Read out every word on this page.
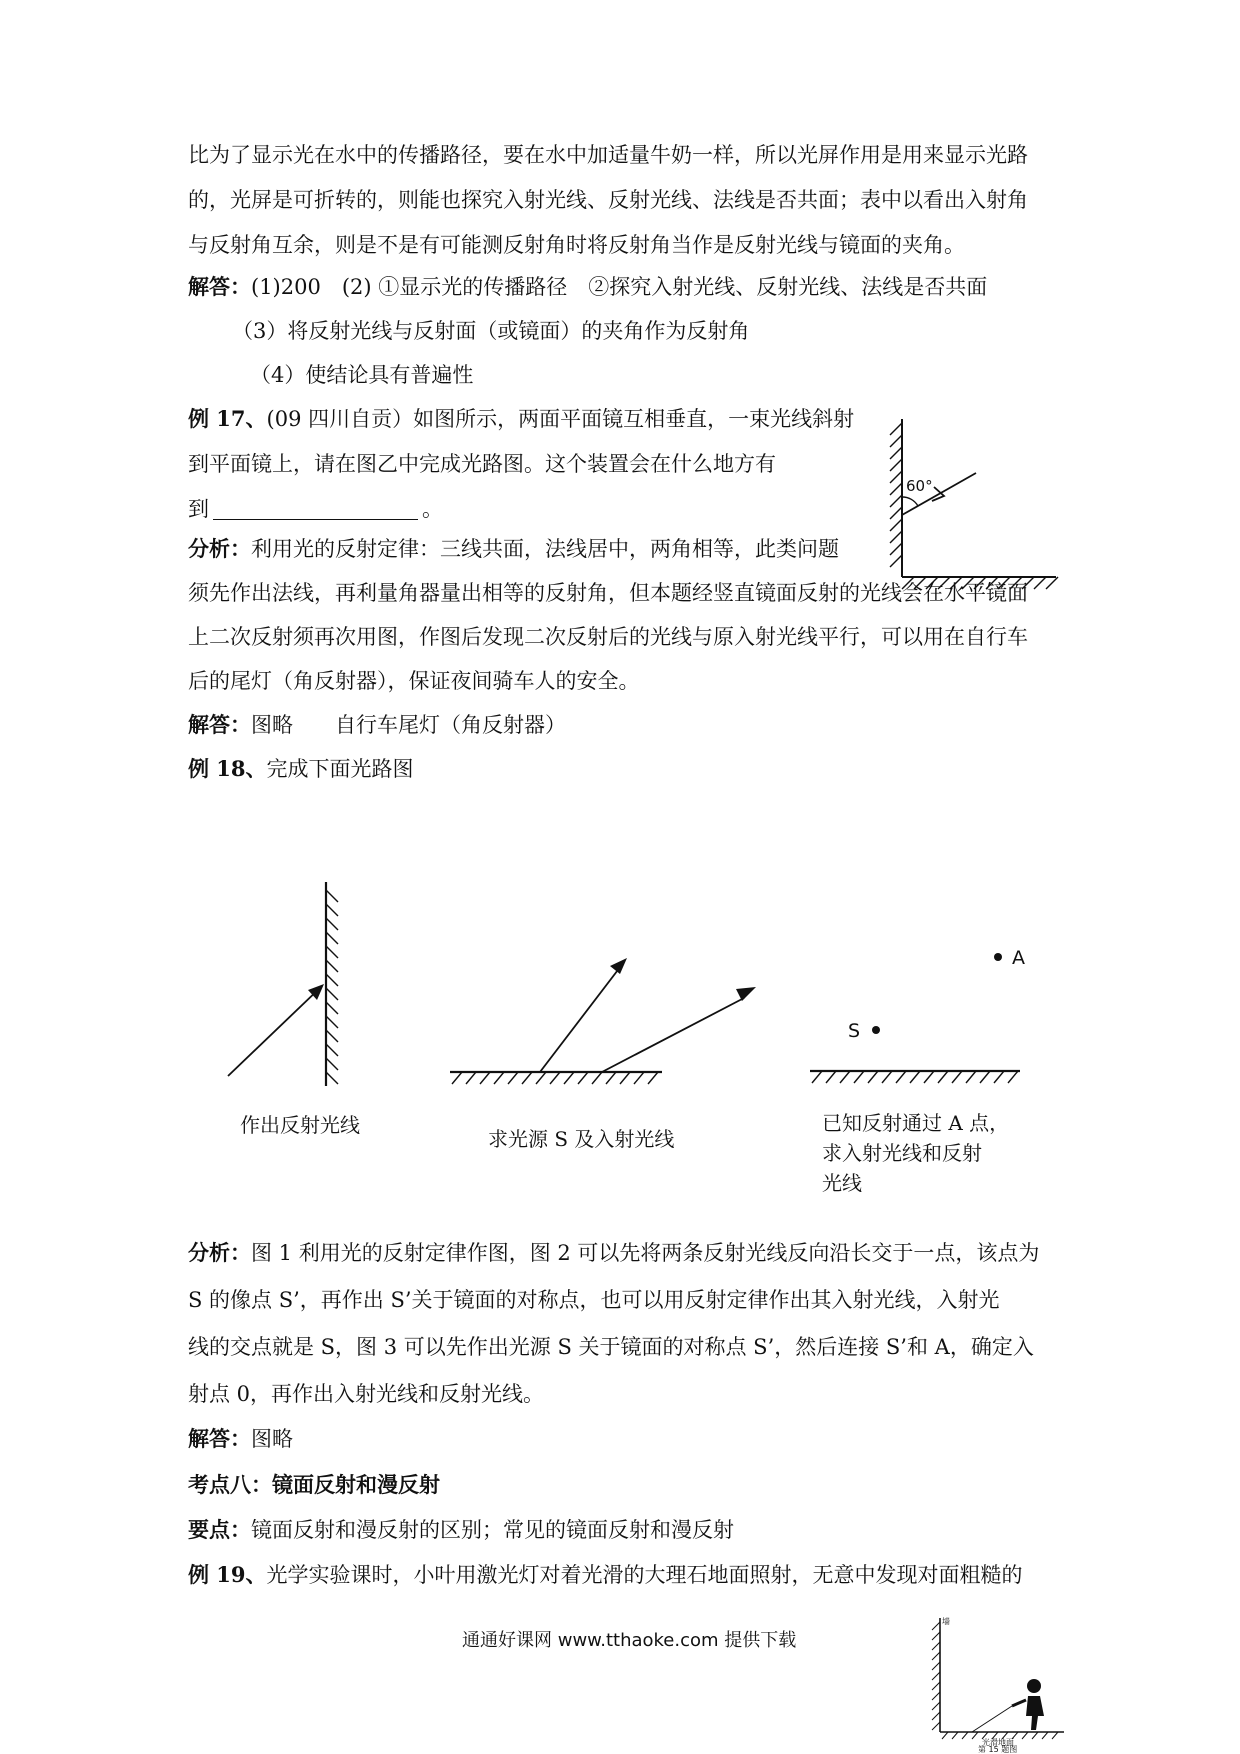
比为了显示光在水中的传播路径，要在水中加适量牛奶一样，所以光屏作用是用来显示光路
的，光屏是可折转的，则能也探究入射光线、反射光线、法线是否共面；表中以看出入射角
与反射角互余，则是不是有可能测反射角时将反射角当作是反射光线与镜面的夹角。
解答：(1)200　(2) ①显示光的传播路径　②探究入射光线、反射光线、法线是否共面
（3）将反射光线与反射面（或镜面）的夹角作为反射角
（4）使结论具有普遍性
例 17、(09 四川自贡）如图所示，两面平面镜互相垂直，一束光线斜射
到平面镜上，请在图乙中完成光路图。这个装置会在什么地方有
到	。
60°
分析：利用光的反射定律：三线共面，法线居中，两角相等，此类问题
须先作出法线，再利量角器量出相等的反射角，但本题经竖直镜面反射的光线会在水平镜面
上二次反射须再次用图，作图后发现二次反射后的光线与原入射光线平行，可以用在自行车
后的尾灯（角反射器），保证夜间骑车人的安全。
解答：图略　　自行车尾灯（角反射器）
例 18、完成下面光路图
作出反射光线
求光源 S 及入射光线
A
S
已知反射通过 A 点，
求入射光线和反射
光线
分析：图 1 利用光的反射定律作图，图 2 可以先将两条反射光线反向沿长交于一点，该点为
S 的像点 S’，再作出 S’关于镜面的对称点，也可以用反射定律作出其入射光线，入射光
线的交点就是 S，图 3 可以先作出光源 S 关于镜面的对称点 S’，然后连接 S’和 A，确定入
射点 0，再作出入射光线和反射光线。
解答：图略
考点八：镜面反射和漫反射
要点：镜面反射和漫反射的区别；常见的镜面反射和漫反射
例 19、光学实验课时，小叶用激光灯对着光滑的大理石地面照射，无意中发现对面粗糙的
通通好课网 www.tthaoke.com 提供下载
墙
光滑地面
第 15 题图
